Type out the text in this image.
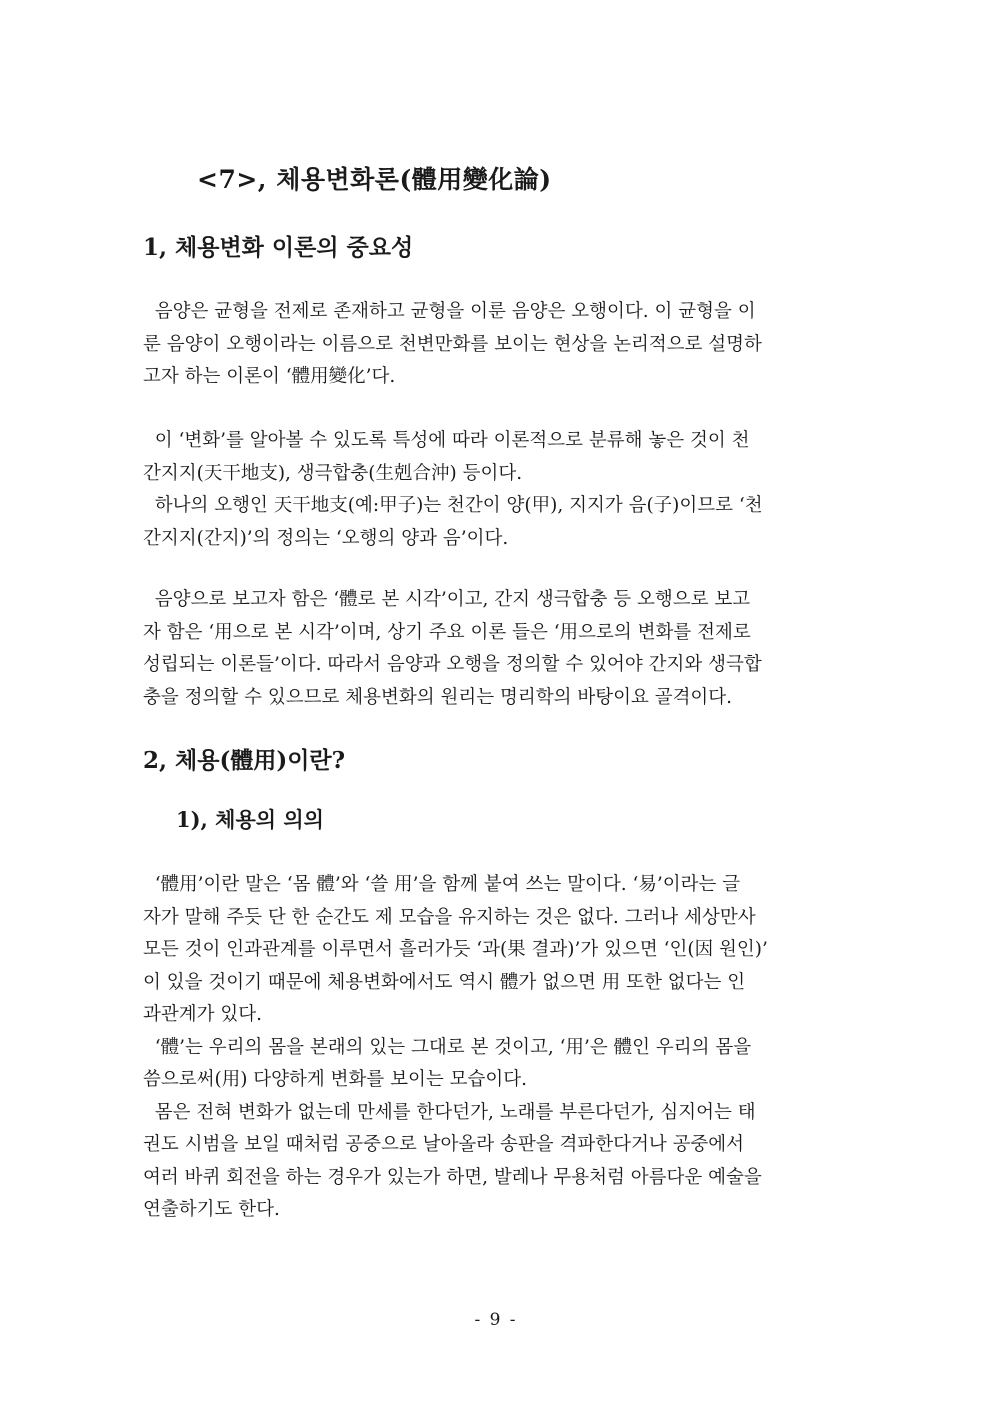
<7>, 체용변화론(體用變化論)
1, 체용변화 이론의 중요성

음양은 균형을 전제로 존재하고 균형을 이룬 음양은 오행이다. 이 균형을 이
룬 음양이 오행이라는 이름으로 천변만화를 보이는 현상을 논리적으로 설명하
고자 하는 이론이 ‘體用變化’다.

이 ‘변화’를 알아볼 수 있도록 특성에 따라 이론적으로 분류해 놓은 것이 천
간지지(天干地支), 생극합충(生剋合沖) 등이다.
하나의 오행인 天干地支(예:甲子)는 천간이 양(甲), 지지가 음(子)이므로 ‘천
간지지(간지)’의 정의는 ‘오행의 양과 음’이다.

음양으로 보고자 함은 ‘體로 본 시각’이고, 간지 생극합충 등 오행으로 보고
자 함은 ‘用으로 본 시각’이며, 상기 주요 이론 들은 ‘用으로의 변화를 전제로
성립되는 이론들’이다. 따라서 음양과 오행을 정의할 수 있어야 간지와 생극합
충을 정의할 수 있으므로 체용변화의 원리는 명리학의 바탕이요 골격이다.

2, 체용(體用)이란?
1), 체용의 의의

‘體用’이란 말은 ‘몸 體’와 ‘쓸 用’을 함께 붙여 쓰는 말이다. ‘易’이라는 글
자가 말해 주듯 단 한 순간도 제 모습을 유지하는 것은 없다. 그러나 세상만사
모든 것이 인과관계를 이루면서 흘러가듯 ‘과(果 결과)’가 있으면 ‘인(因 원인)’
이 있을 것이기 때문에 체용변화에서도 역시 體가 없으면 用 또한 없다는 인
과관계가 있다.
‘體’는 우리의 몸을 본래의 있는 그대로 본 것이고, ‘用’은 體인 우리의 몸을
씀으로써(用) 다양하게 변화를 보이는 모습이다.
몸은 전혀 변화가 없는데 만세를 한다던가, 노래를 부른다던가, 심지어는 태
권도 시범을 보일 때처럼 공중으로 날아올라 송판을 격파한다거나 공중에서
여러 바퀴 회전을 하는 경우가 있는가 하면, 발레나 무용처럼 아름다운 예술을
연출하기도 한다.

- 9 -
